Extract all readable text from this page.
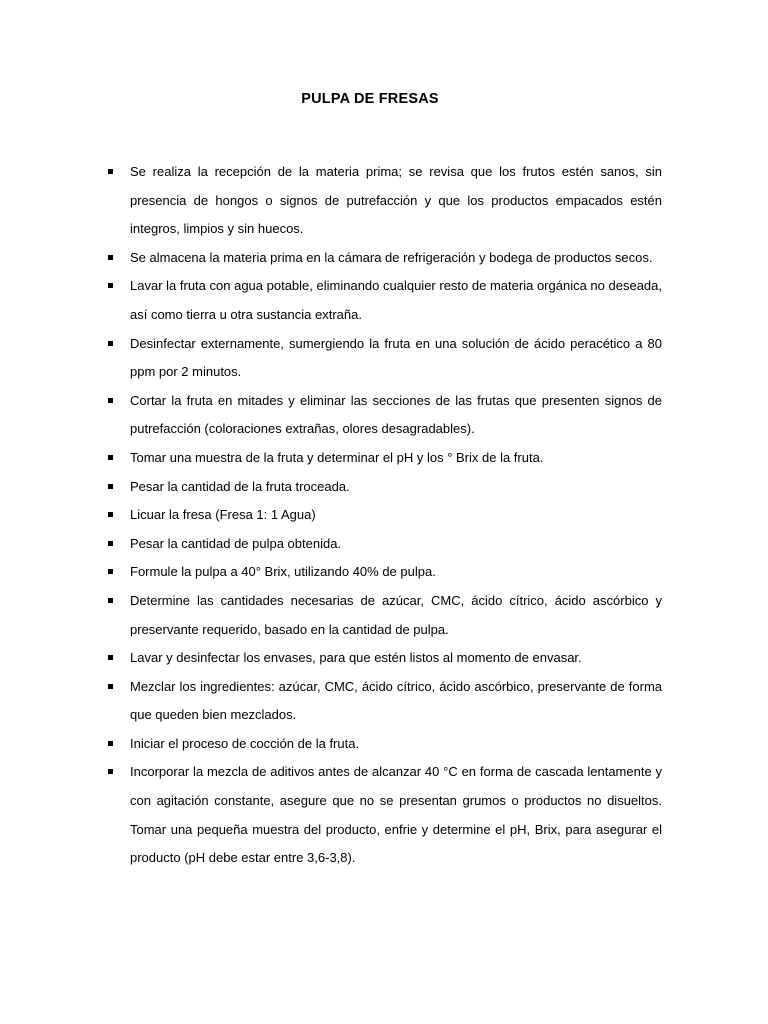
PULPA DE FRESAS
Se realiza la recepción de la materia prima; se revisa que los frutos estén sanos, sin presencia de hongos o signos de putrefacción y que los productos empacados estén integros, limpios y sin huecos.
Se almacena la materia prima en la cámara de refrigeración y bodega de productos secos.
Lavar la fruta con agua potable, eliminando cualquier resto de materia orgánica no deseada, así como tierra u otra sustancia extraña.
Desinfectar externamente, sumergiendo la fruta en una solución de ácido peracético a 80 ppm por 2 minutos.
Cortar la fruta en mitades y eliminar las secciones de las frutas que presenten signos de putrefacción (coloraciones extrañas, olores desagradables).
Tomar una muestra de la fruta y determinar el pH y los ° Brix de la fruta.
Pesar la cantidad de la fruta troceada.
Licuar la fresa (Fresa 1: 1 Agua)
Pesar la cantidad de pulpa obtenida.
Formule la pulpa a 40° Brix, utilizando 40% de pulpa.
Determine las cantidades necesarias de azúcar, CMC, ácido cítrico, ácido ascórbico y preservante requerido, basado en la cantidad de pulpa.
Lavar y desinfectar los envases, para que estén listos al momento de envasar.
Mezclar los ingredientes: azúcar, CMC, ácido cítrico, ácido ascórbico, preservante de forma que queden bien mezclados.
Iniciar el proceso de cocción de la fruta.
Incorporar la mezcla de aditivos antes de alcanzar 40 °C en forma de cascada lentamente y con agitación constante, asegure que no se presentan grumos o productos no disueltos. Tomar una pequeña muestra del producto, enfrie y determine el pH, Brix, para asegurar el producto (pH debe estar entre 3,6-3,8).
